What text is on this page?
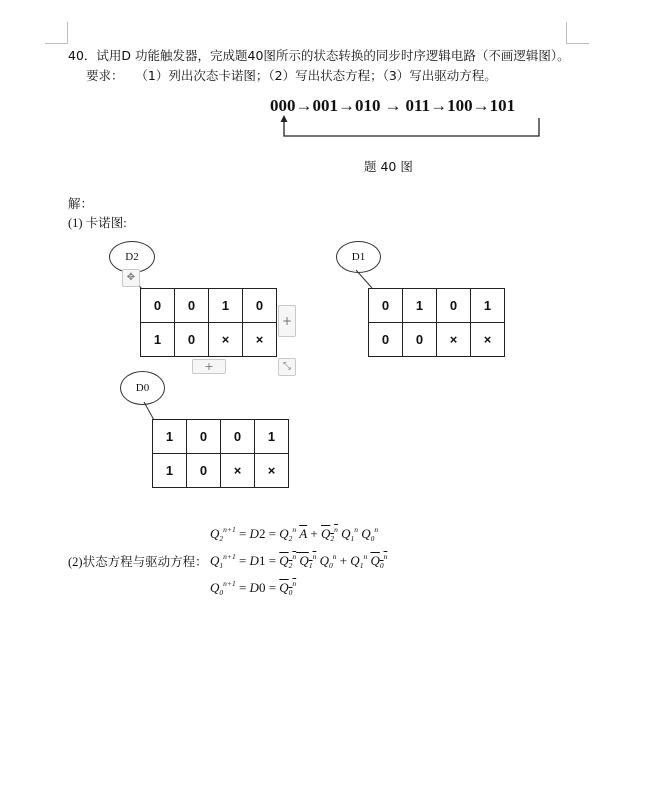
40．试用D 功能触发器，完成题40图所示的状态转换的同步时序逻辑电路（不画逻辑图）。
要求：   （1）列出次态卡诺图；（2）写出状态方程；（3）写出驱动方程。
000→001→010 → 011→100→101
题 40 图
解：
(1) 卡诺图:
D2
0	0	1	0
1	0	×	×
✥
+
+	⤡
D1
0	1	0	1
0	0	×	×
D0
1	0	0	1
1	0	×	×
(2)状态方程与驱动方程：
$Q_2^{n+1} = D2 = Q_2^n$ $\overline{A} + Q_2^n$ $Q_1^n$ $Q_0^n$
$Q_1^{n+1} = D1 = Q_2^n$ $Q_1^n$ $Q_0^n + Q_1^n$ $Q_0^n$
$Q_0^{n+1} = D0 = Q_0^n$
